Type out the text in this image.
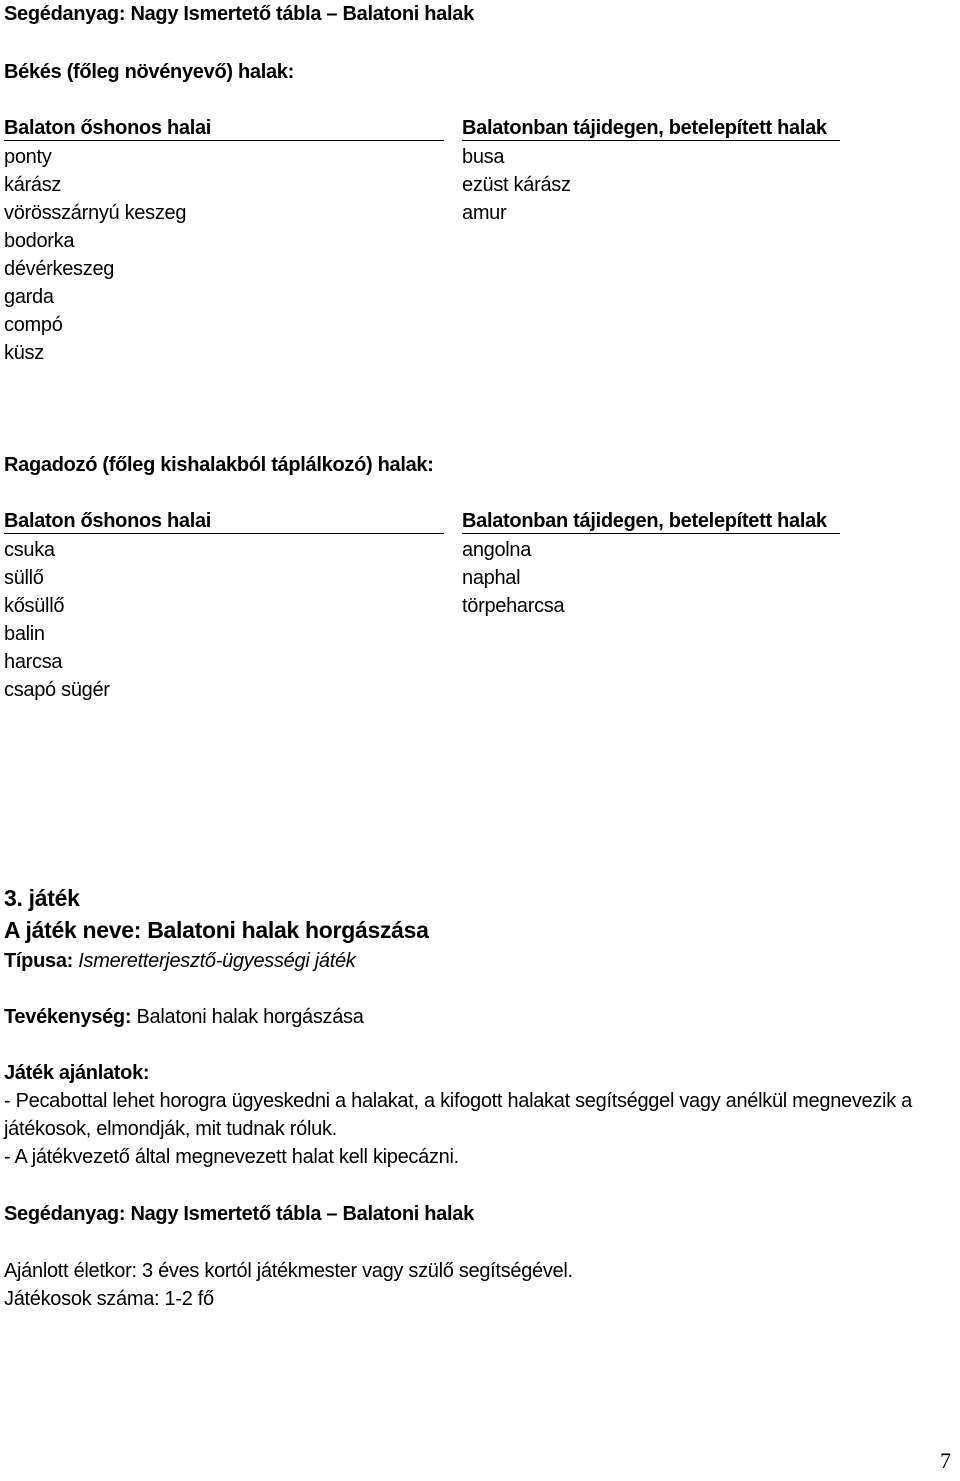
Segédanyag: Nagy Ismertető tábla – Balatoni halak
Békés (főleg növényevő) halak:
Balaton őshonos halai
ponty
kárász
vörösszárnyú keszeg
bodorka
dévérkeszeg
garda
compó
küsz
Balatonban tájidegen, betelepített halak
busa
ezüst kárász
amur
Ragadozó (főleg kishalakból táplálkozó) halak:
Balaton őshonos halai
csuka
süllő
kősüllő
balin
harcsa
csapó sügér
Balatonban tájidegen, betelepített halak
angolna
naphal
törpeharcsa
3. játék
A játék neve: Balatoni halak horgászása
Típusa: Ismeretterjesztő-ügyességi játék
Tevékenység: Balatoni halak horgászása
Játék ajánlatok:
- Pecabottal lehet horogra ügyeskedni a halakat, a kifogott halakat segítséggel vagy anélkül megnevezik a
játékosok, elmondják, mit tudnak róluk.
- A játékvezető által megnevezett halat kell kipecázni.
Segédanyag: Nagy Ismertető tábla – Balatoni halak
Ajánlott életkor: 3 éves kortól játékmester vagy szülő segítségével.
Játékosok száma: 1-2 fő
7
